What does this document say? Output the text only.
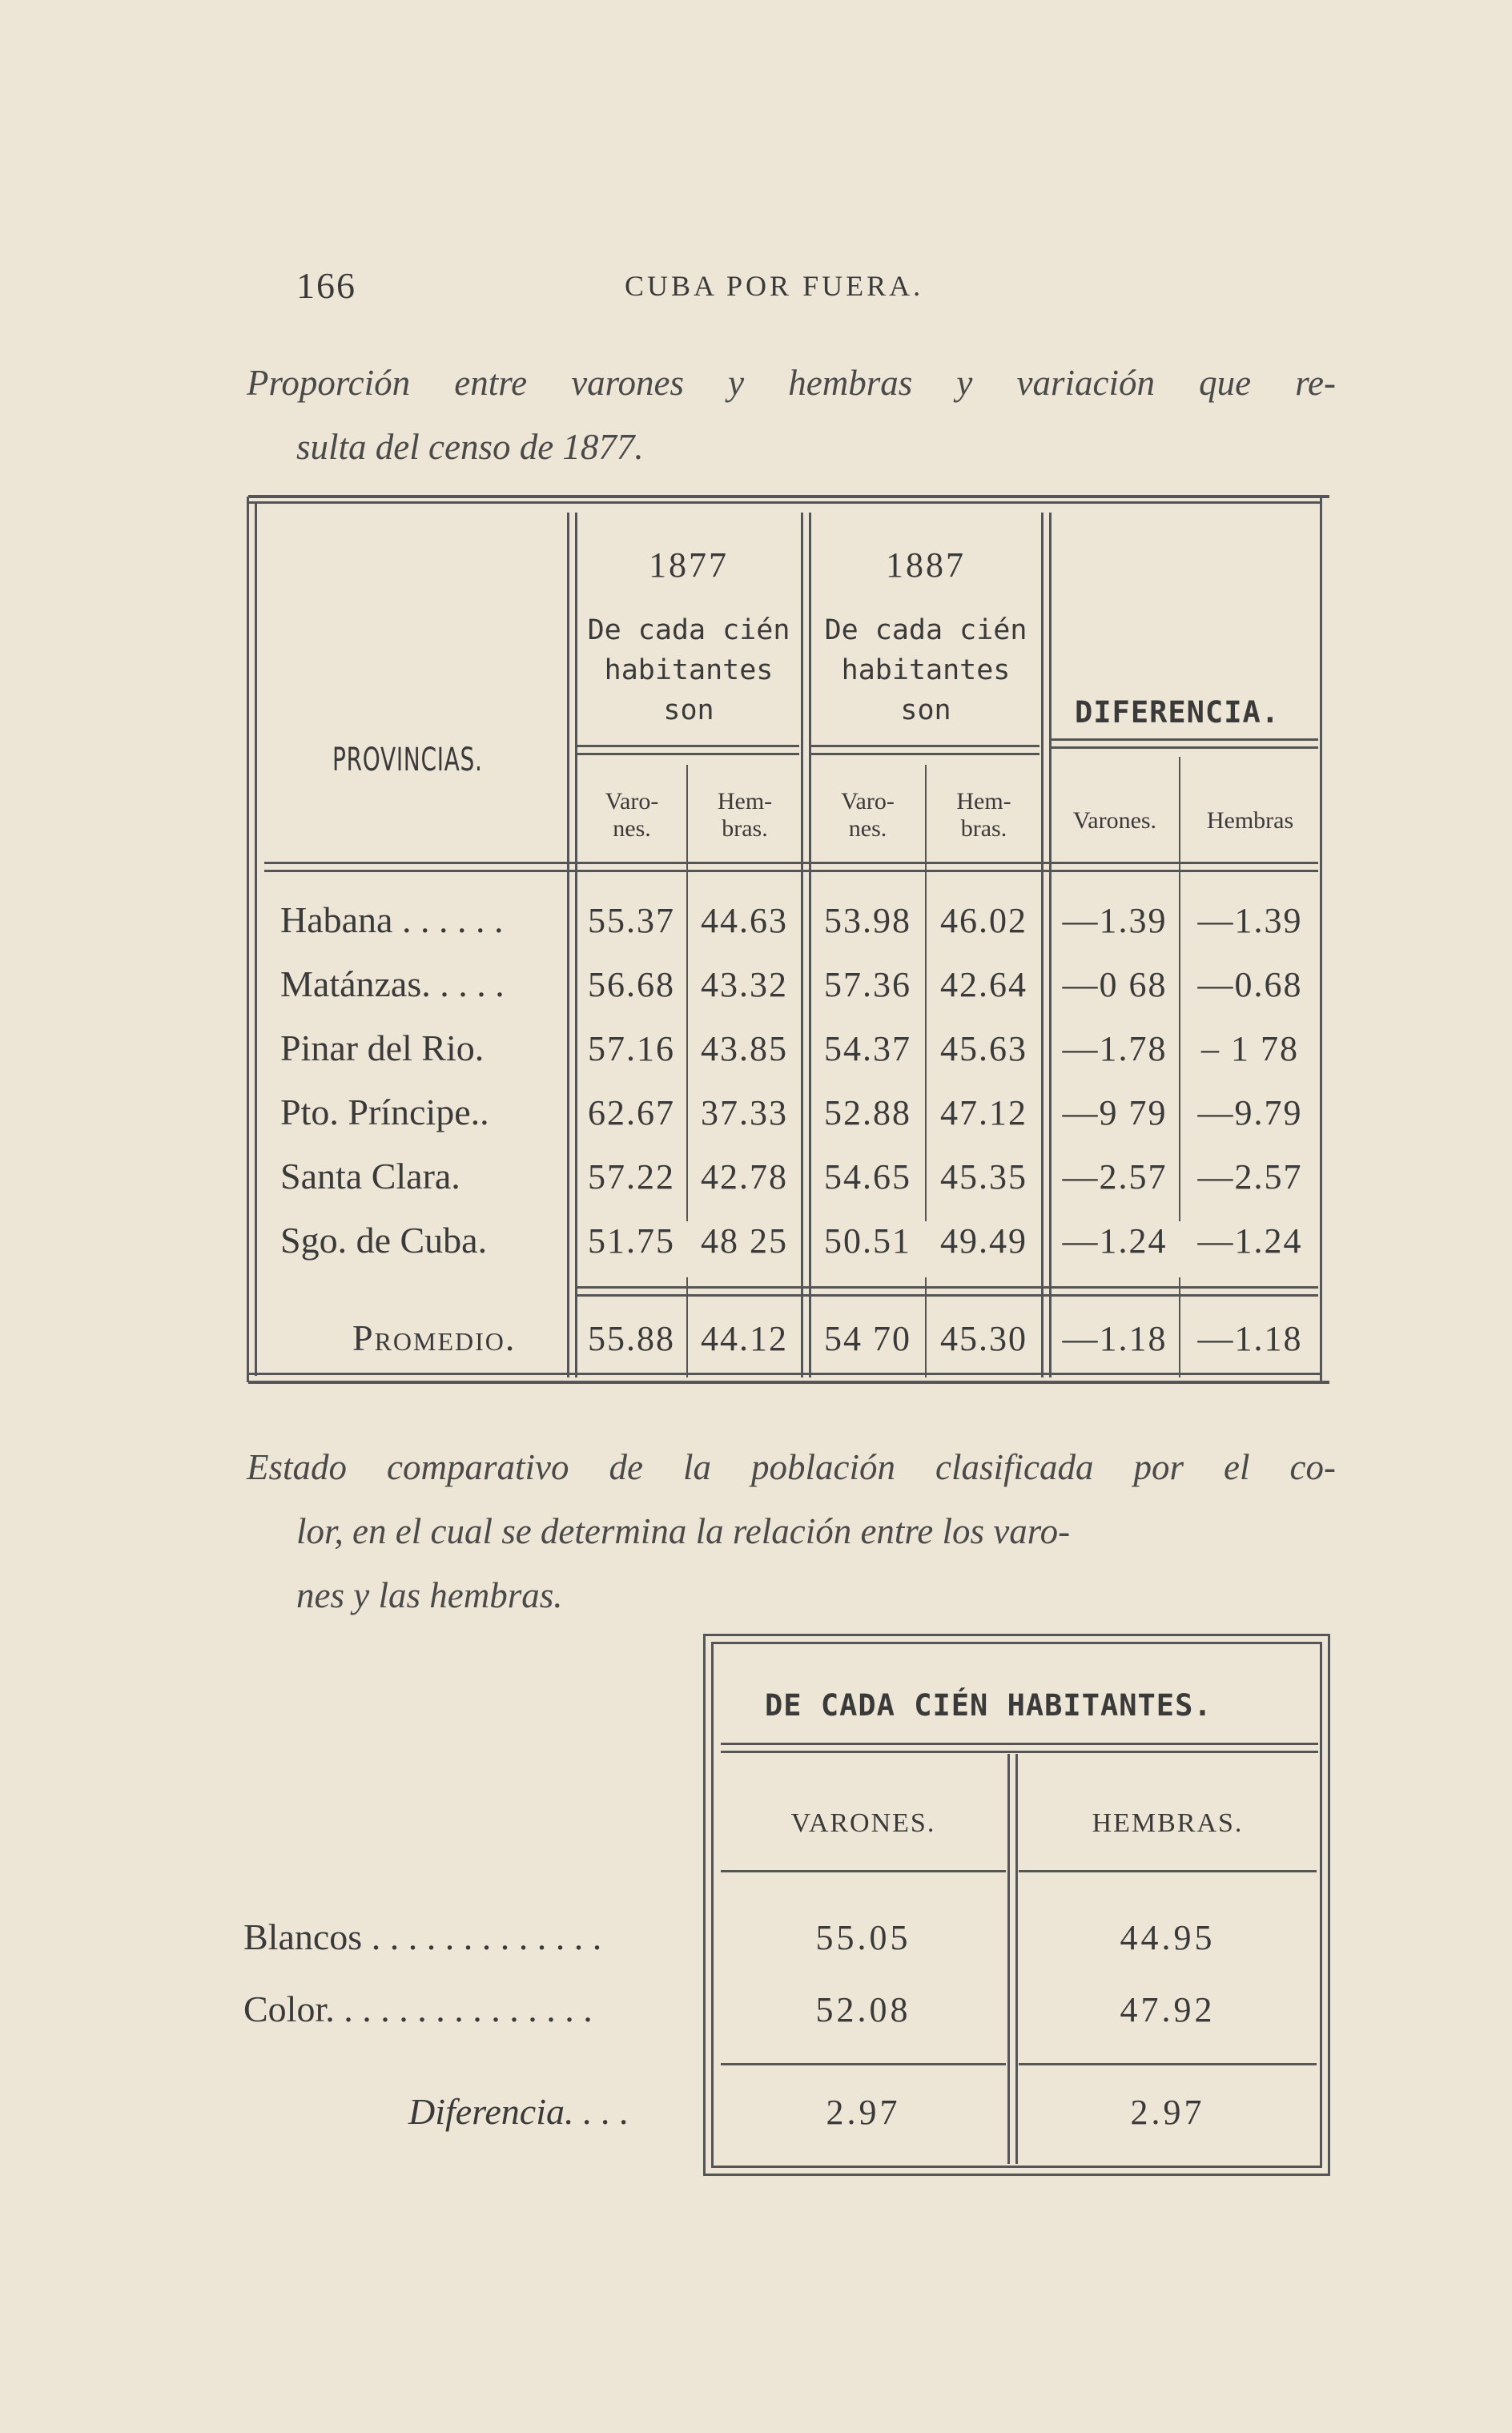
166	CUBA POR FUERA.
Proporción entre varones y hembras y variación que re-
sulta del censo de 1877.
PROVINCIAS.
1877
De cada cién
habitantes
son
Varo-
nes.
Hem-
bras.
1887
De cada cién
habitantes
son
Varo-
nes.
Hem-
bras.
DIFERENCIA.
Varones.	Hembras
Habana . . . . . .	55.37 44.63	53.98 46.02 —1.39 —1.39
Matánzas. . . . .	56.68 43.32	57.36 42.64 —0 68 —0.68
Pinar del Rio.	57.16 43.85	54.37 45.63 —1.78 – 1 78
Pto. Príncipe..	62.67 37.33	52.88 47.12 —9 79 —9.79
Santa Clara.	57.22 42.78	54.65 45.35 —2.57 —2.57
Sgo. de Cuba.	51.75 48 25	50.51 49.49 —1.24 —1.24
Promedio.	55.88 44.12	54 70 45.30 —1.18 —1.18
Estado comparativo de la población clasificada por el co-
lor, en el cual se determina la relación entre los varo-
nes y las hembras.
DE CADA CIÉN HABITANTES.
VARONES.	HEMBRAS.
Blancos . . . . . . . . . . . . .	55.05	44.95
Color. . . . . . . . . . . . . . .	52.08	47.92
Diferencia. . . .	2.97	2.97
